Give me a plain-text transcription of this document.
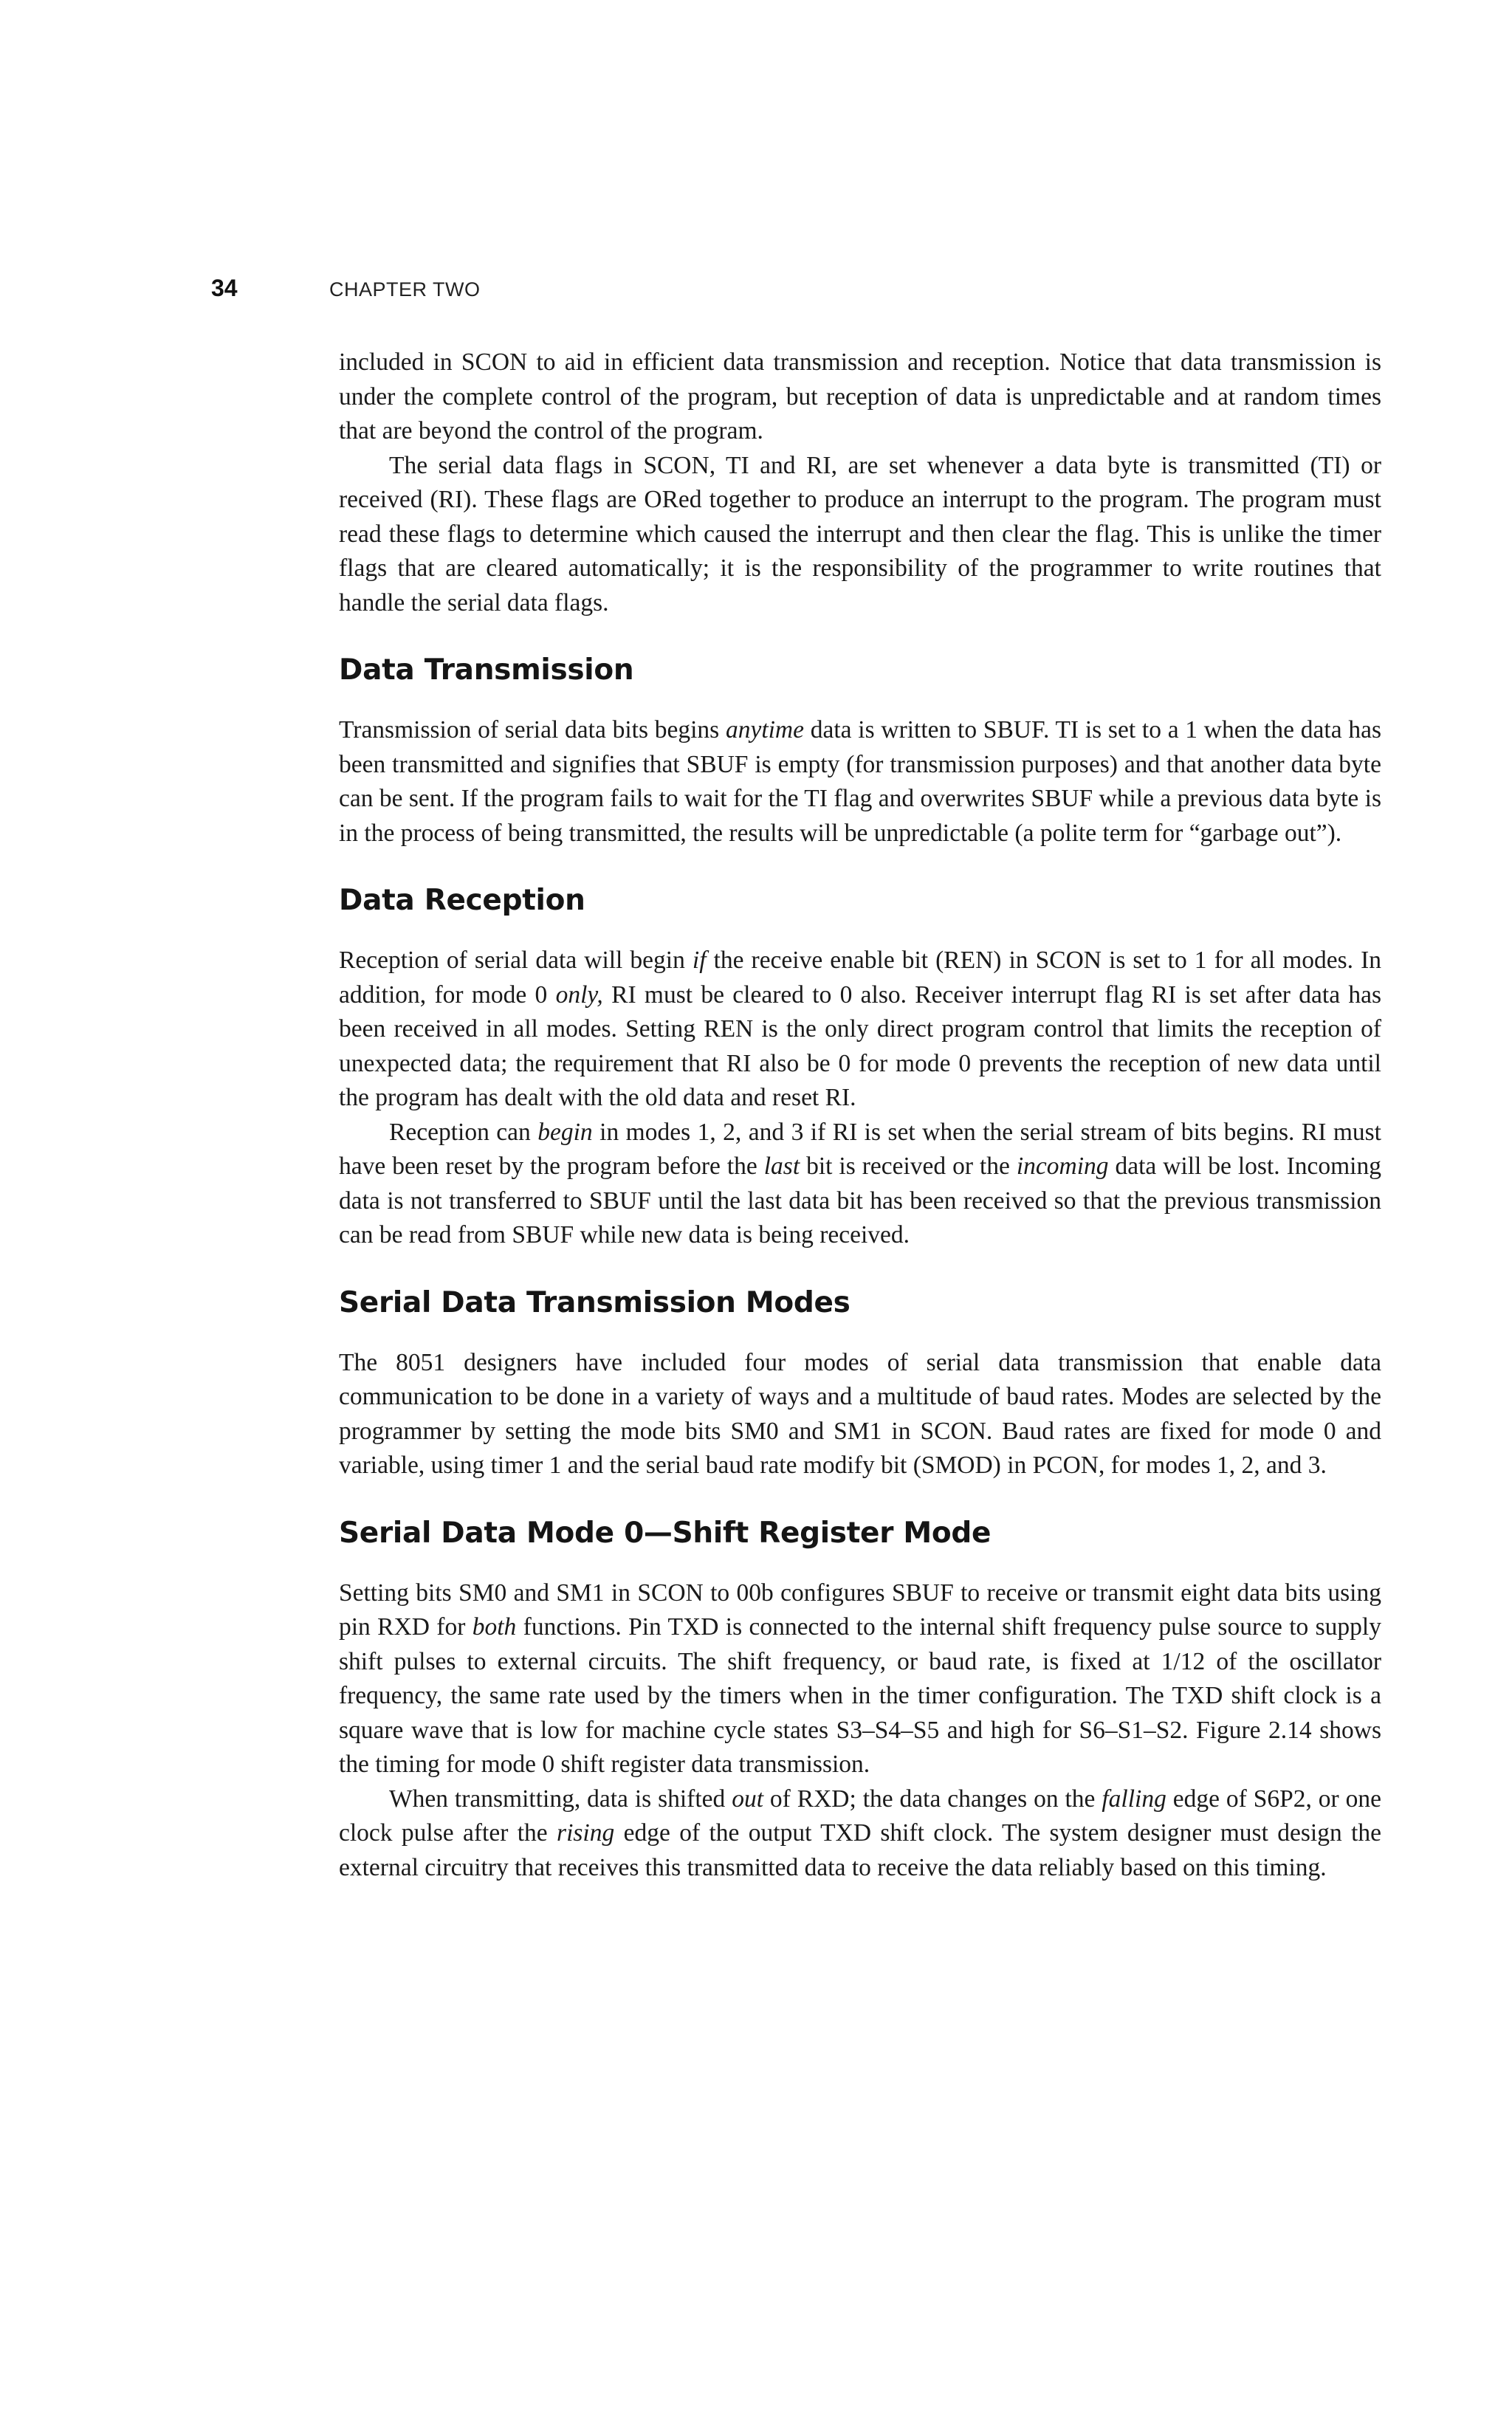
34	CHAPTER TWO

included in SCON to aid in efficient data transmission and reception. Notice that data transmission is under the complete control of the program, but reception of data is unpredictable and at random times that are beyond the control of the program.

The serial data flags in SCON, TI and RI, are set whenever a data byte is transmitted (TI) or received (RI). These flags are ORed together to produce an interrupt to the program. The program must read these flags to determine which caused the interrupt and then clear the flag. This is unlike the timer flags that are cleared automatically; it is the responsibility of the programmer to write routines that handle the serial data flags.

Data Transmission

Transmission of serial data bits begins anytime data is written to SBUF. TI is set to a 1 when the data has been transmitted and signifies that SBUF is empty (for transmission purposes) and that another data byte can be sent. If the program fails to wait for the TI flag and overwrites SBUF while a previous data byte is in the process of being transmitted, the results will be unpredictable (a polite term for “garbage out”).

Data Reception

Reception of serial data will begin if the receive enable bit (REN) in SCON is set to 1 for all modes. In addition, for mode 0 only, RI must be cleared to 0 also. Receiver interrupt flag RI is set after data has been received in all modes. Setting REN is the only direct program control that limits the reception of unexpected data; the requirement that RI also be 0 for mode 0 prevents the reception of new data until the program has dealt with the old data and reset RI.

Reception can begin in modes 1, 2, and 3 if RI is set when the serial stream of bits begins. RI must have been reset by the program before the last bit is received or the incoming data will be lost. Incoming data is not transferred to SBUF until the last data bit has been received so that the previous transmission can be read from SBUF while new data is being received.

Serial Data Transmission Modes

The 8051 designers have included four modes of serial data transmission that enable data communication to be done in a variety of ways and a multitude of baud rates. Modes are selected by the programmer by setting the mode bits SM0 and SM1 in SCON. Baud rates are fixed for mode 0 and variable, using timer 1 and the serial baud rate modify bit (SMOD) in PCON, for modes 1, 2, and 3.

Serial Data Mode 0—Shift Register Mode

Setting bits SM0 and SM1 in SCON to 00b configures SBUF to receive or transmit eight data bits using pin RXD for both functions. Pin TXD is connected to the internal shift frequency pulse source to supply shift pulses to external circuits. The shift frequency, or baud rate, is fixed at 1/12 of the oscillator frequency, the same rate used by the timers when in the timer configuration. The TXD shift clock is a square wave that is low for machine cycle states S3–S4–S5 and high for S6–S1–S2. Figure 2.14 shows the timing for mode 0 shift register data transmission.

When transmitting, data is shifted out of RXD; the data changes on the falling edge of S6P2, or one clock pulse after the rising edge of the output TXD shift clock. The system designer must design the external circuitry that receives this transmitted data to receive the data reliably based on this timing.
